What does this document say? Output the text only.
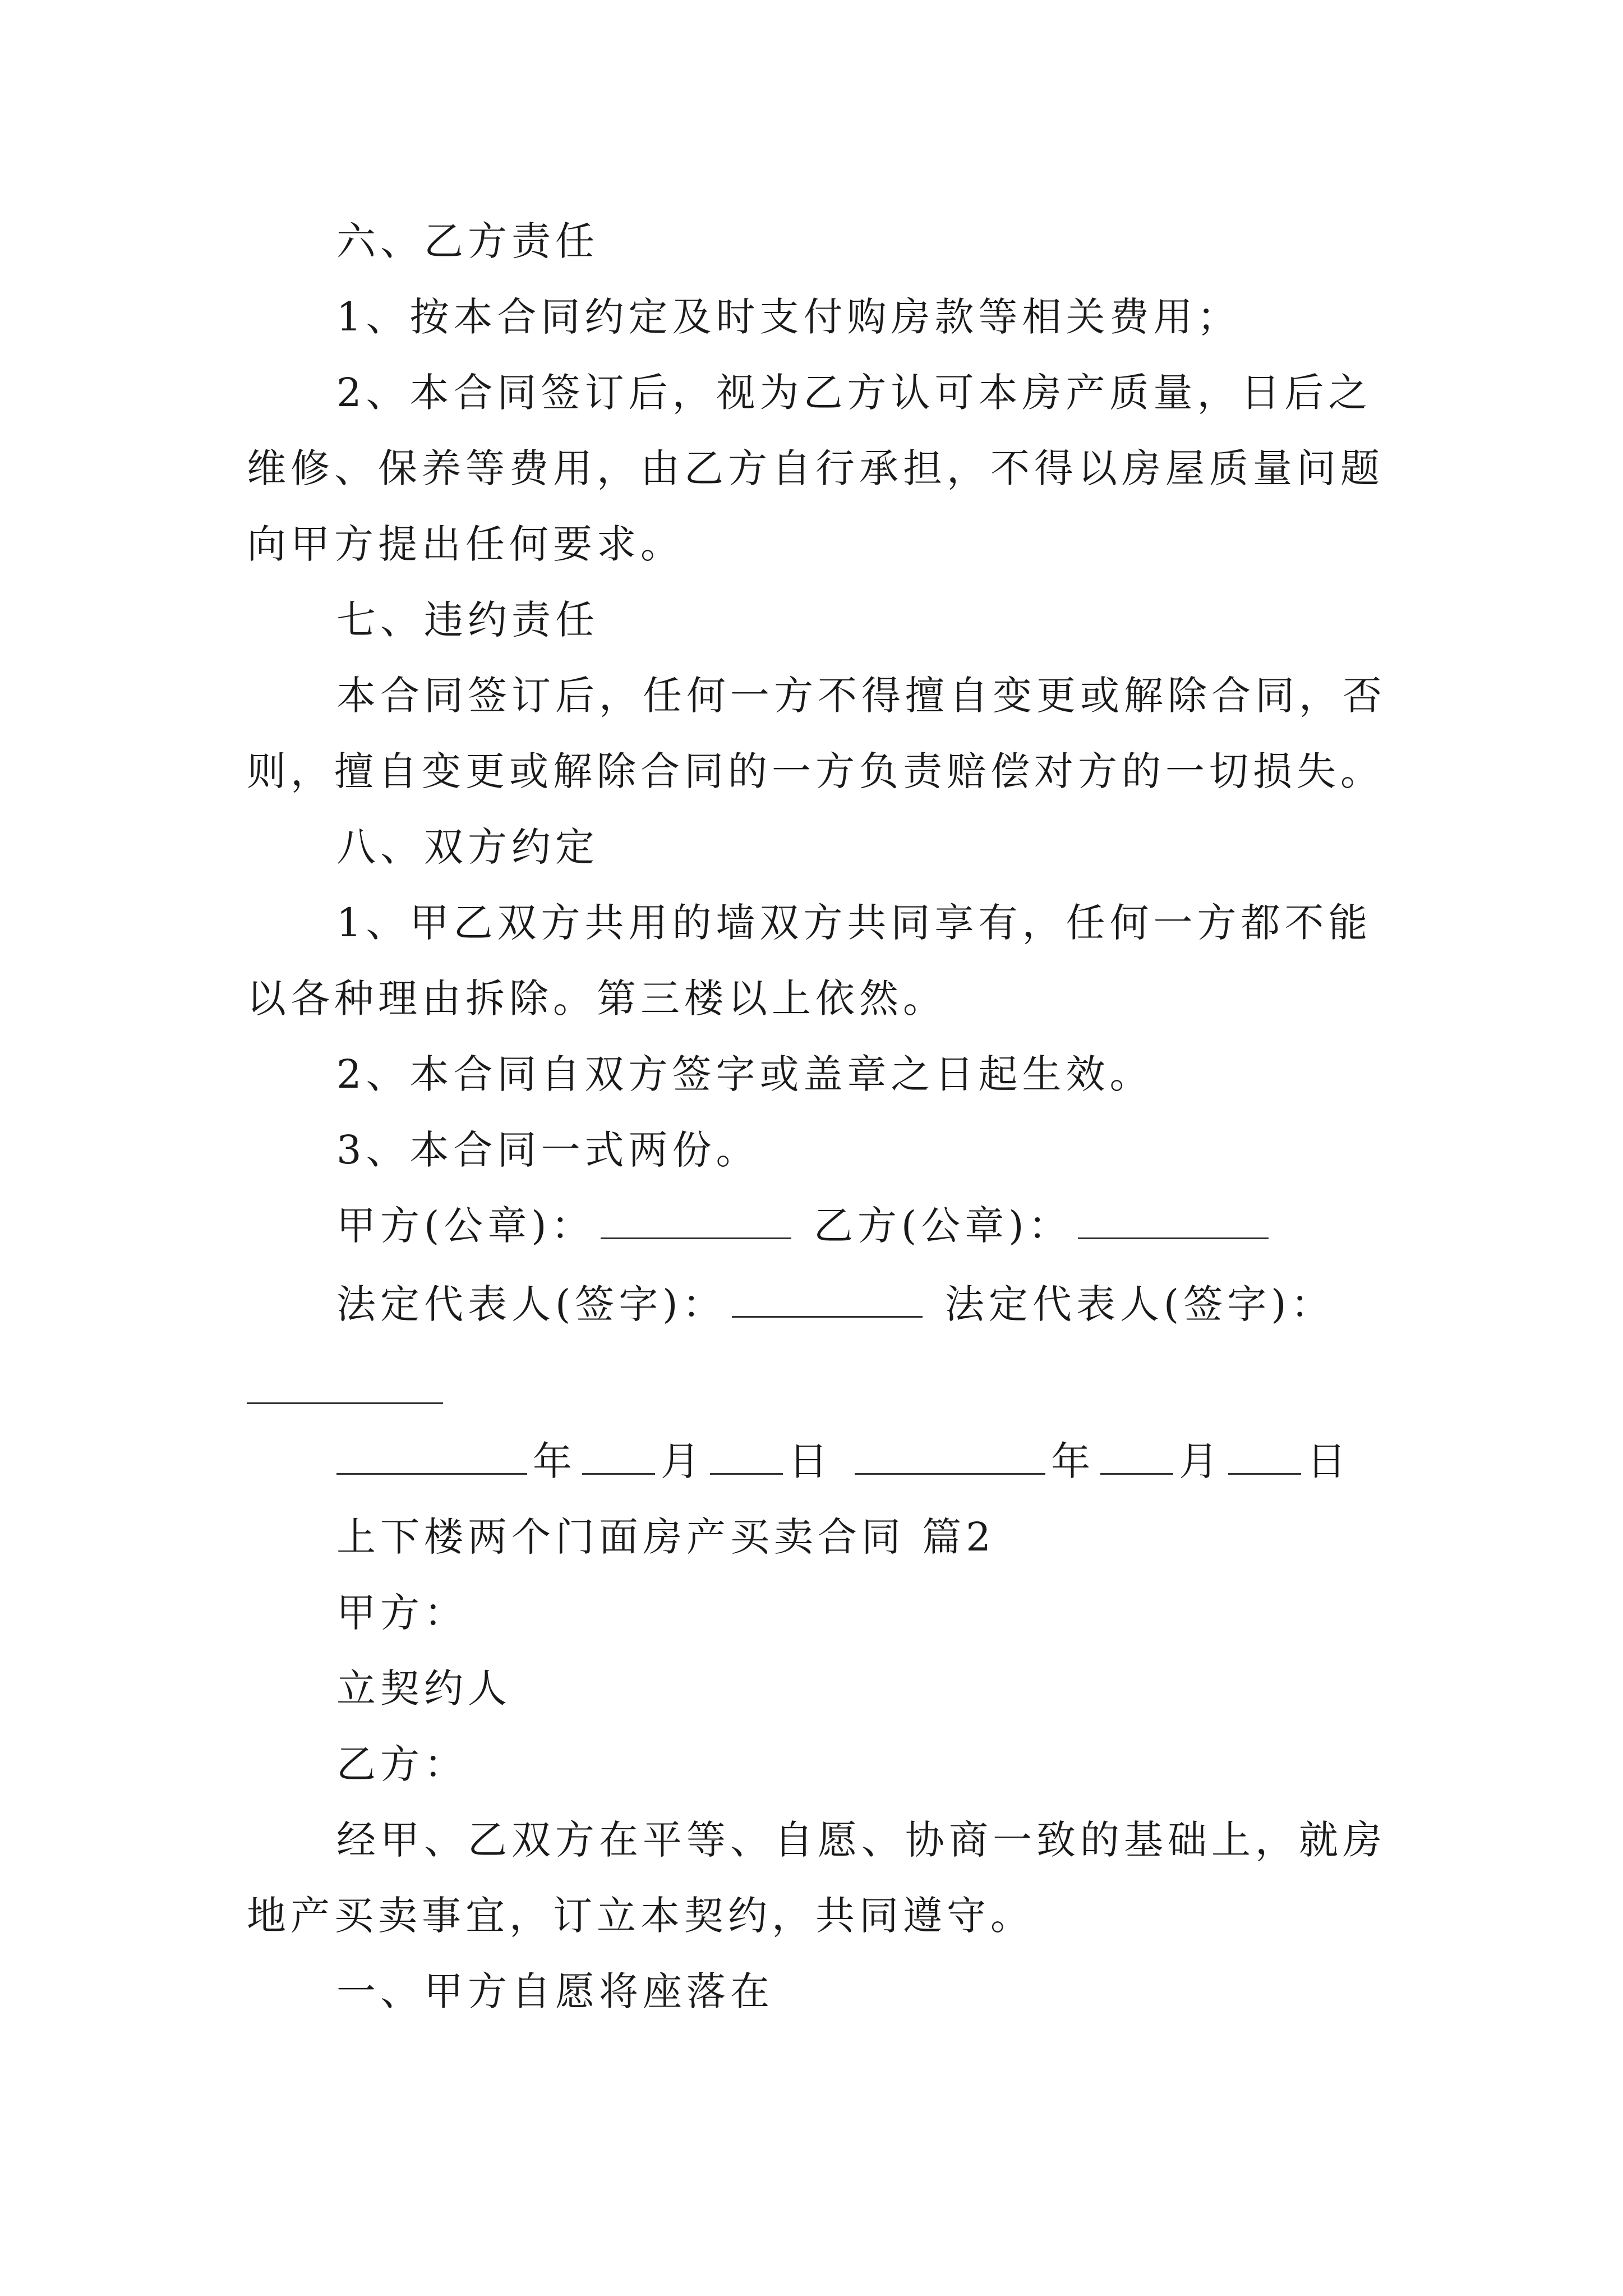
六、乙方责任

1、按本合同约定及时支付购房款等相关费用；

2、本合同签订后，视为乙方认可本房产质量，日后之

维修、保养等费用，由乙方自行承担，不得以房屋质量问题

向甲方提出任何要求。

七、违约责任

本合同签订后，任何一方不得擅自变更或解除合同，否

则，擅自变更或解除合同的一方负责赔偿对方的一切损失。

八、双方约定

1、甲乙双方共用的墙双方共同享有，任何一方都不能

以各种理由拆除。第三楼以上依然。

2、本合同自双方签字或盖章之日起生效。

3、本合同一式两份。

甲方(公章)：	乙方(公章)：

法定代表人(签字)：	法定代表人(签字)：

年 月 日	年 月 日

上下楼两个门面房产买卖合同 篇2

甲方：

立契约人

乙方：

经甲、乙双方在平等、自愿、协商一致的基础上，就房

地产买卖事宜，订立本契约，共同遵守。

一、甲方自愿将座落在
